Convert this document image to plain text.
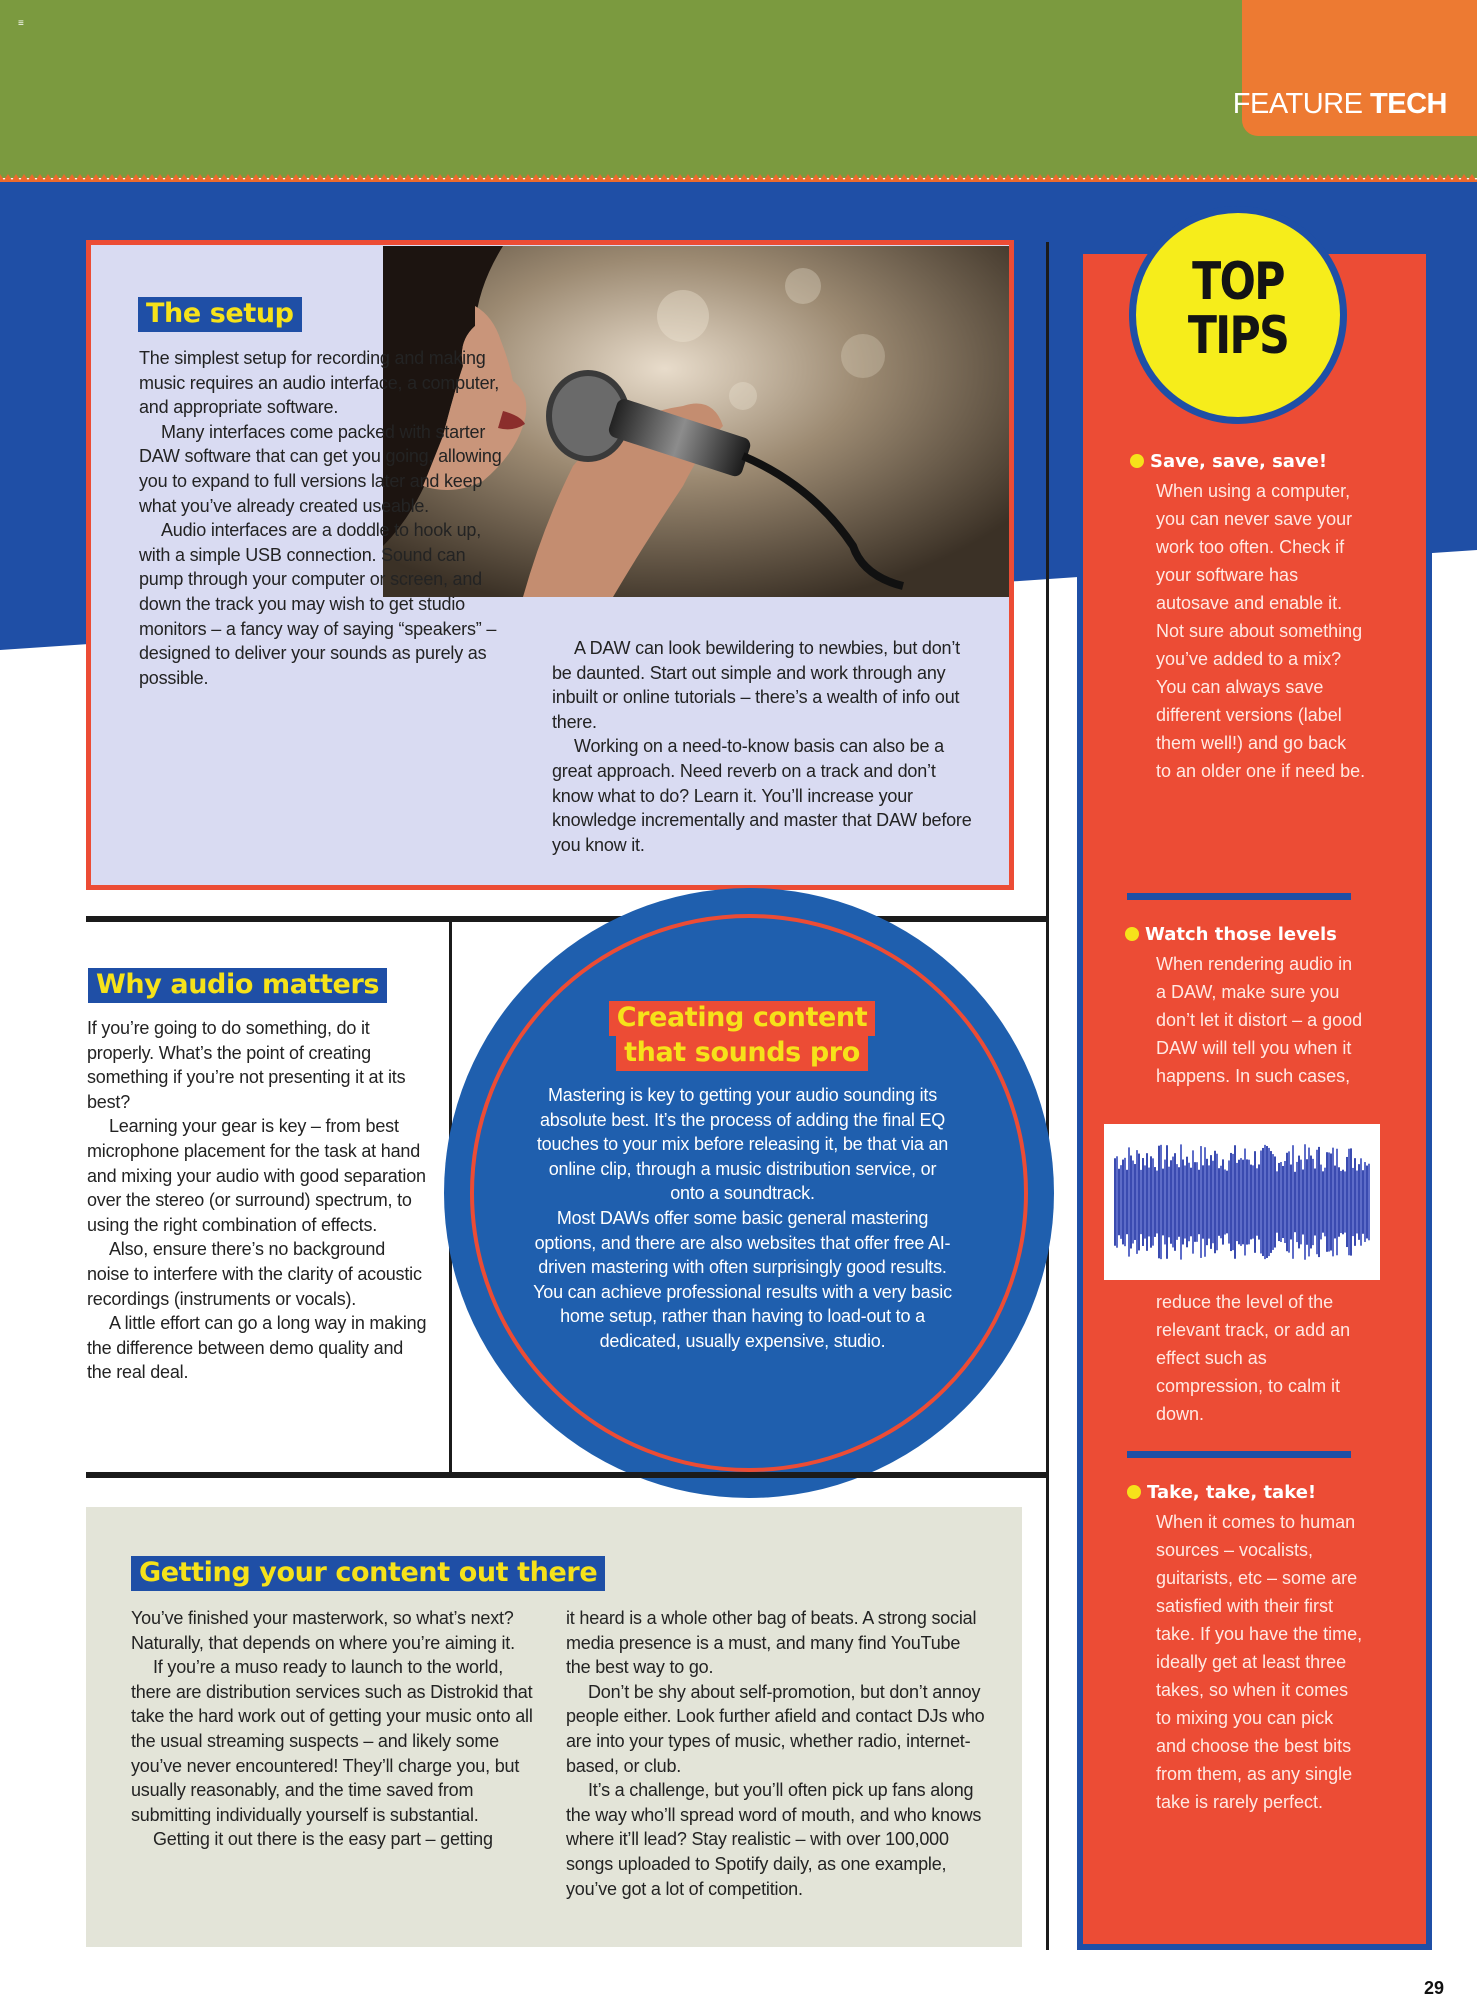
FEATURE TECH
≡
The setup

The simplest setup for recording and making music requires an audio interface, a computer, and appropriate software.

Many interfaces come packed with starter DAW software that can get you going, allowing you to expand to full versions later and keep what you’ve already created useable.

Audio interfaces are a doddle to hook up, with a simple USB connection. Sound can pump through your computer or screen, and down the track you may wish to get studio monitors – a fancy way of saying “speakers” – designed to deliver your sounds as purely as possible.

A DAW can look bewildering to newbies, but don’t be daunted. Start out simple and work through any inbuilt or online tutorials – there’s a wealth of info out there.

Working on a need-to-know basis can also be a great approach. Need reverb on a track and don’t know what to do? Learn it. You’ll increase your knowledge incrementally and master that DAW before you know it.

Why audio matters

If you’re going to do something, do it properly. What’s the point of creating something if you’re not presenting it at its best?

Learning your gear is key – from best microphone placement for the task at hand and mixing your audio with good separation over the stereo (or surround) spectrum, to using the right combination of effects.

Also, ensure there’s no background noise to interfere with the clarity of acoustic recordings (instruments or vocals).

A little effort can go a long way in making the difference between demo quality and the real deal.

Creating content
that sounds pro

Mastering is key to getting your audio sounding its absolute best. It’s the process of adding the final EQ touches to your mix before releasing it, be that via an online clip, through a music distribution service, or onto a soundtrack.

Most DAWs offer some basic general mastering options, and there are also websites that offer free AI-driven mastering with often surprisingly good results.

You can achieve professional results with a very basic home setup, rather than having to load-out to a dedicated, usually expensive, studio.

Getting your content out there

You’ve finished your masterwork, so what’s next? Naturally, that depends on where you’re aiming it.

If you’re a muso ready to launch to the world, there are distribution services such as Distrokid that take the hard work out of getting your music onto all the usual streaming suspects – and likely some you’ve never encountered! They’ll charge you, but usually reasonably, and the time saved from submitting individually yourself is substantial.

Getting it out there is the easy part – getting

it heard is a whole other bag of beats. A strong social media presence is a must, and many find YouTube the best way to go.

Don’t be shy about self-promotion, but don’t annoy people either. Look further afield and contact DJs who are into your types of music, whether radio, internet-based, or club.

It’s a challenge, but you’ll often pick up fans along the way who’ll spread word of mouth, and who knows where it’ll lead? Stay realistic – with over 100,000 songs uploaded to Spotify daily, as one example, you’ve got a lot of competition.

TOP
TIPS
Save, save, save!
When using a computer, you can never save your work too often. Check if your software has autosave and enable it. Not sure about something you’ve added to a mix? You can always save different versions (label them well!) and go back to an older one if need be.
Watch those levels
When rendering audio in a DAW, make sure you don’t let it distort – a good DAW will tell you when it happens. In such cases,
reduce the level of the relevant track, or add an effect such as compression, to calm it down.
Take, take, take!
When it comes to human sources – vocalists, guitarists, etc – some are satisfied with their first take. If you have the time, ideally get at least three takes, so when it comes to mixing you can pick and choose the best bits from them, as any single take is rarely perfect.
29
